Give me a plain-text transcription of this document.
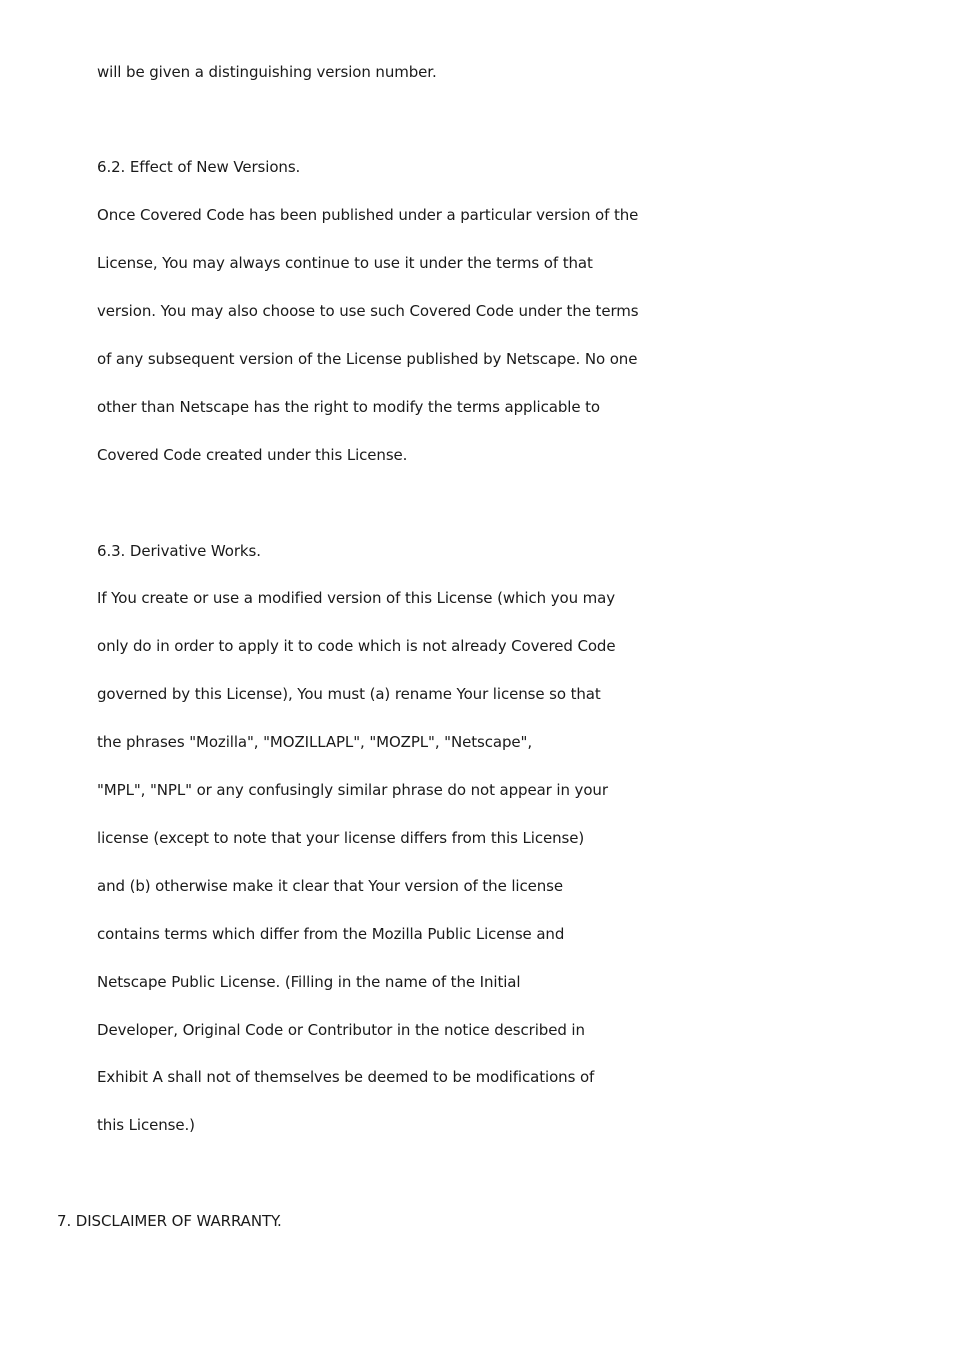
will be given a distinguishing version number.
6.2. Effect of New Versions.
Once Covered Code has been published under a particular version of the
License, You may always continue to use it under the terms of that
version. You may also choose to use such Covered Code under the terms
of any subsequent version of the License published by Netscape. No one
other than Netscape has the right to modify the terms applicable to
Covered Code created under this License.
6.3. Derivative Works.
If You create or use a modified version of this License (which you may
only do in order to apply it to code which is not already Covered Code
governed by this License), You must (a) rename Your license so that
the phrases "Mozilla", "MOZILLAPL", "MOZPL", "Netscape",
"MPL", "NPL" or any confusingly similar phrase do not appear in your
license (except to note that your license differs from this License)
and (b) otherwise make it clear that Your version of the license
contains terms which differ from the Mozilla Public License and
Netscape Public License. (Filling in the name of the Initial
Developer, Original Code or Contributor in the notice described in
Exhibit A shall not of themselves be deemed to be modifications of
this License.)
7. DISCLAIMER OF WARRANTY.
